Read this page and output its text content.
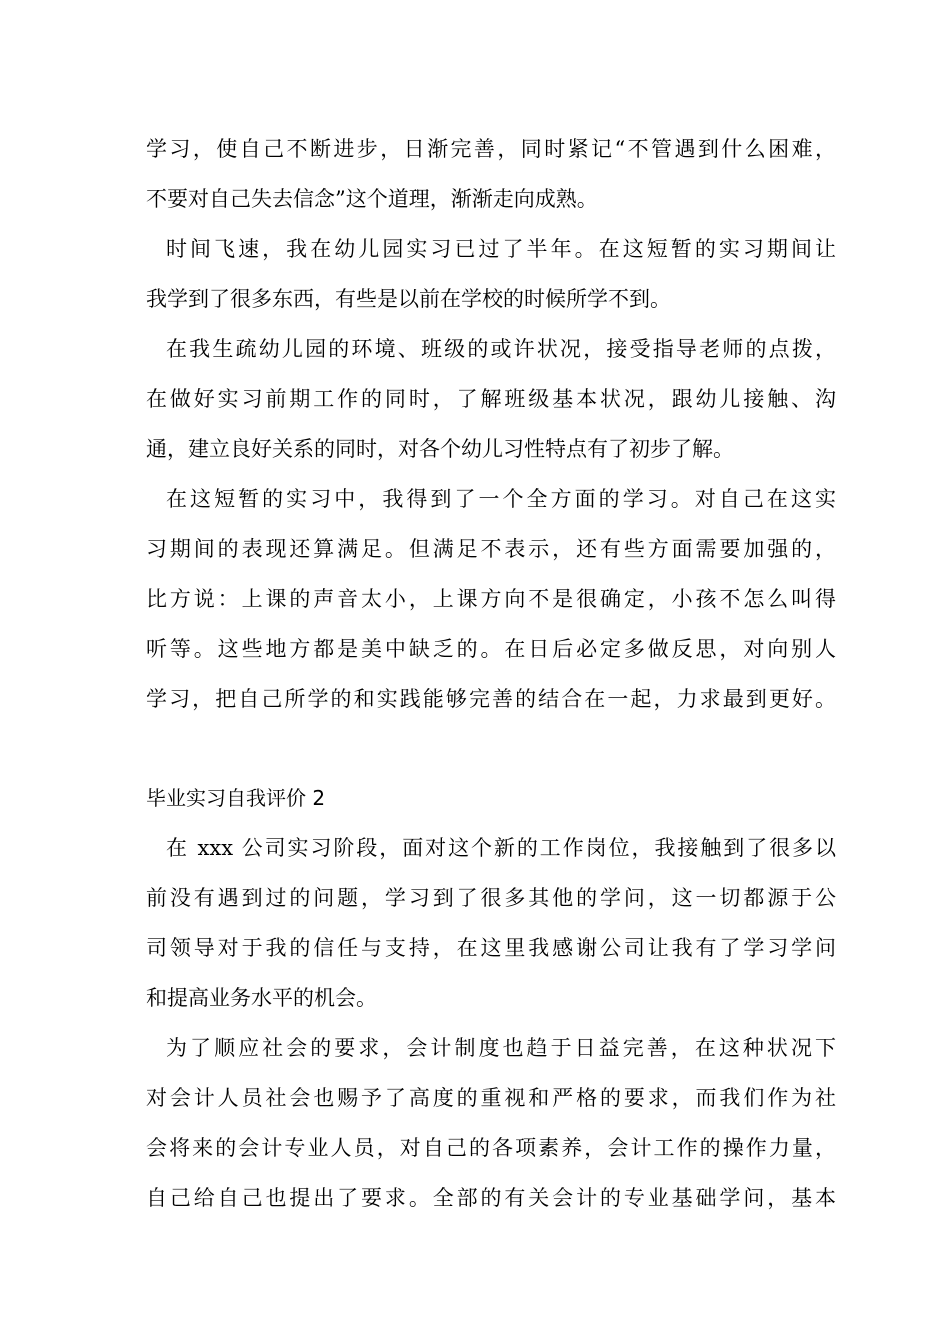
学习，使自己不断进步，日渐完善，同时紧记“不管遇到什么困难，
不要对自己失去信念”这个道理，渐渐走向成熟。
时间飞速，我在幼儿园实习已过了半年。在这短暂的实习期间让
我学到了很多东西，有些是以前在学校的时候所学不到。
在我生疏幼儿园的环境、班级的或许状况，接受指导老师的点拨，
在做好实习前期工作的同时，了解班级基本状况，跟幼儿接触、沟
通，建立良好关系的同时，对各个幼儿习性特点有了初步了解。
在这短暂的实习中，我得到了一个全方面的学习。对自己在这实
习期间的表现还算满足。但满足不表示，还有些方面需要加强的，
比方说：上课的声音太小，上课方向不是很确定，小孩不怎么叫得
听等。这些地方都是美中缺乏的。在日后必定多做反思，对向别人
学习，把自己所学的和实践能够完善的结合在一起，力求最到更好。
毕业实习自我评价 2
在 xxx 公司实习阶段，面对这个新的工作岗位，我接触到了很多以
前没有遇到过的问题，学习到了很多其他的学问，这一切都源于公
司领导对于我的信任与支持，在这里我感谢公司让我有了学习学问
和提高业务水平的机会。
为了顺应社会的要求，会计制度也趋于日益完善，在这种状况下
对会计人员社会也赐予了高度的重视和严格的要求，而我们作为社
会将来的会计专业人员，对自己的各项素养，会计工作的操作力量，
自己给自己也提出了要求。全部的有关会计的专业基础学问，基本
